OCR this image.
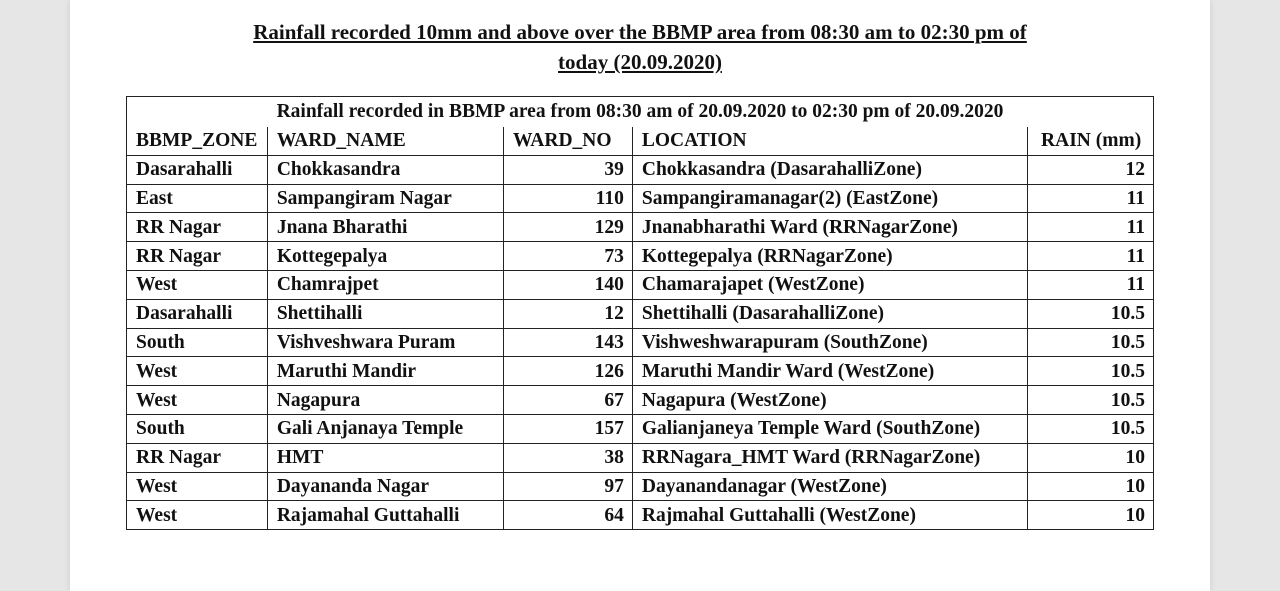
Rainfall recorded 10mm and above over the BBMP area from 08:30 am to 02:30 pm of
today (20.09.2020)
Rainfall recorded in BBMP area from 08:30 am of 20.09.2020 to 02:30 pm of 20.09.2020				
BBMP_ZONE	WARD_NAME	WARD_NO	LOCATION	RAIN (mm)
Dasarahalli	Chokkasandra	39	Chokkasandra (DasarahalliZone)	12
East	Sampangiram Nagar	110	Sampangiramanagar(2) (EastZone)	11
RR Nagar	Jnana Bharathi	129	Jnanabharathi Ward (RRNagarZone)	11
RR Nagar	Kottegepalya	73	Kottegepalya (RRNagarZone)	11
West	Chamrajpet	140	Chamarajapet (WestZone)	11
Dasarahalli	Shettihalli	12	Shettihalli (DasarahalliZone)	10.5
South	Vishveshwara Puram	143	Vishweshwarapuram (SouthZone)	10.5
West	Maruthi Mandir	126	Maruthi Mandir Ward (WestZone)	10.5
West	Nagapura	67	Nagapura (WestZone)	10.5
South	Gali Anjanaya Temple	157	Galianjaneya Temple Ward (SouthZone)	10.5
RR Nagar	HMT	38	RRNagara_HMT Ward (RRNagarZone)	10
West	Dayananda Nagar	97	Dayanandanagar (WestZone)	10
West	Rajamahal Guttahalli	64	Rajmahal Guttahalli (WestZone)	10
